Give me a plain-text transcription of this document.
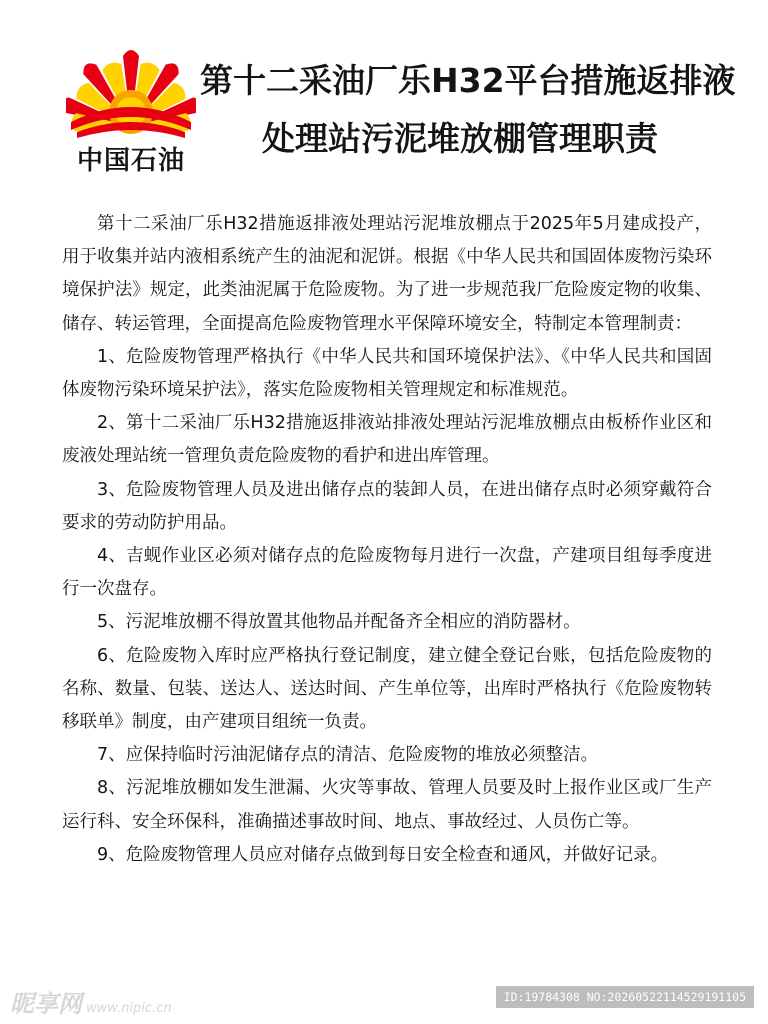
中国石油
第十二采油厂乐H32平台措施返排液
处理站污泥堆放棚管理职责

第十二采油厂乐H32措施返排液处理站污泥堆放棚点于2025年5月建成投产，用于收集并站内液相系统产生的油泥和泥饼。根据《中华人民共和国固体废物污染环境保护法》规定，此类油泥属于危险废物。为了进一步规范我厂危险废定物的收集、储存、转运管理，全面提高危险废物管理水平保障环境安全，特制定本管理制责：

1、危险废物管理严格执行《中华人民共和国环境保护法》、《中华人民共和国固体废物污染环境呆护法》，落实危险废物相关管理规定和标准规范。

2、第十二采油厂乐H32措施返排液站排液处理站污泥堆放棚点由板桥作业区和废液处理站统一管理负责危险废物的看护和进出库管理。

3、危险废物管理人员及进出储存点的装卸人员，在进出储存点时必须穿戴符合要求的劳动防护用品。

4、吉蚬作业区必须对储存点的危险废物每月进行一次盘，产建项目组每季度进行一次盘存。

5、污泥堆放棚不得放置其他物品并配备齐全相应的消防器材。

6、危险废物入库时应严格执行登记制度，建立健全登记台账，包括危险废物的名称、数量、包装、送达人、送达时间、产生单位等，出库时严格执行《危险废物转移联单》制度，由产建项目组统一负责。

7、应保持临时污油泥储存点的清洁、危险废物的堆放必须整洁。

8、污泥堆放棚如发生泄漏、火灾等事故、管理人员要及时上报作业区或厂生产运行科、安全环保科，准确描述事故时间、地点、事故经过、人员伤亡等。

9、危险废物管理人员应对储存点做到每日安全检查和通风，并做好记录。

昵享网 www.nipic.cn
ID:19784308 NO:20260522114529191105
